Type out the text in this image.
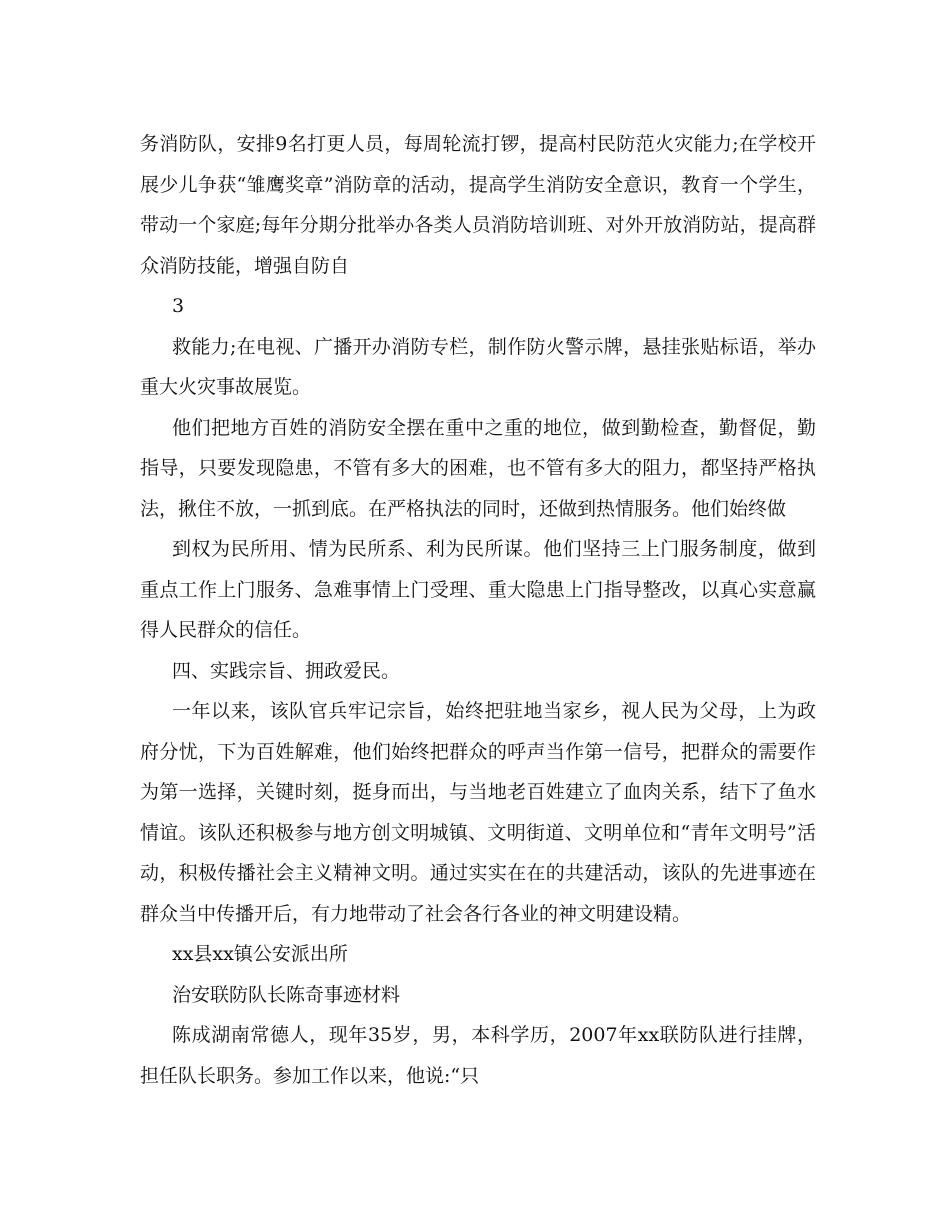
务消防队，安排9名打更人员，每周轮流打锣，提高村民防范火灾能力;在学校开展少儿争获“雏鹰奖章”消防章的活动，提高学生消防安全意识，教育一个学生，带动一个家庭;每年分期分批举办各类人员消防培训班、对外开放消防站，提高群众消防技能，增强自防自

3

救能力;在电视、广播开办消防专栏，制作防火警示牌，悬挂张贴标语，举办重大火灾事故展览。

他们把地方百姓的消防安全摆在重中之重的地位，做到勤检查，勤督促，勤指导，只要发现隐患，不管有多大的困难，也不管有多大的阻力，都坚持严格执法，揪住不放，一抓到底。在严格执法的同时，还做到热情服务。他们始终做

到权为民所用、情为民所系、利为民所谋。他们坚持三上门服务制度，做到重点工作上门服务、急难事情上门受理、重大隐患上门指导整改，以真心实意赢得人民群众的信任。

四、实践宗旨、拥政爱民。

一年以来，该队官兵牢记宗旨，始终把驻地当家乡，视人民为父母，上为政府分忧，下为百姓解难，他们始终把群众的呼声当作第一信号，把群众的需要作为第一选择，关键时刻，挺身而出，与当地老百姓建立了血肉关系，结下了鱼水情谊。该队还积极参与地方创文明城镇、文明街道、文明单位和“青年文明号”活动，积极传播社会主义精神文明。通过实实在在的共建活动，该队的先进事迹在群众当中传播开后，有力地带动了社会各行各业的神文明建设精。

xx县xx镇公安派出所

治安联防队长陈奇事迹材料

陈成湖南常德人，现年35岁，男，本科学历，2007年xx联防队进行挂牌，担任队长职务。参加工作以来，他说:“只
